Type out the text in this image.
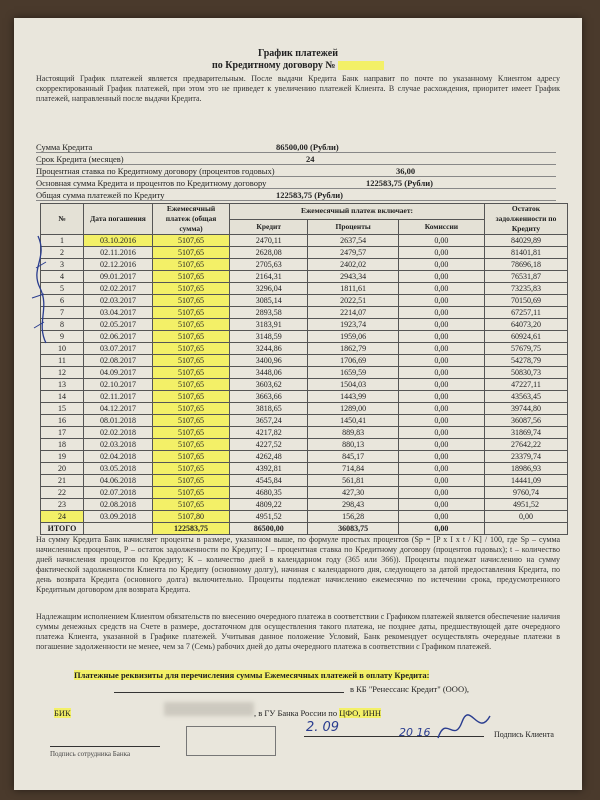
График платежей
по Кредитному договору №
Настоящий График платежей является предварительным. После выдачи Кредита Банк направит по почте по указанному Клиентом адресу скорректированный График платежей, при этом это не приведет к увеличению платежей Клиента. В случае расхождения, приоритет имеет График платежей, направленный после выдачи Кредита.
Сумма Кредита	86500,00 (Рубли)
Срок Кредита (месяцев)	24
Процентная ставка по Кредитному договору (процентов годовых)	36,00
Основная сумма Кредита и процентов по Кредитному договору	122583,75 (Рубли)
Общая сумма платежей по Кредиту	122583,75 (Рубли)
№	Дата погашения	Ежемесячный платеж (общая сумма)	Ежемесячный платеж включает:			Остаток задолженности по Кредиту
			Кредит	Проценты	Комиссии	
1	03.10.2016	5107,65	2470,11	2637,54	0,00	84029,89
2	02.11.2016	5107,65	2628,08	2479,57	0,00	81401,81
3	02.12.2016	5107,65	2705,63	2402,02	0,00	78696,18
4	09.01.2017	5107,65	2164,31	2943,34	0,00	76531,87
5	02.02.2017	5107,65	3296,04	1811,61	0,00	73235,83
6	02.03.2017	5107,65	3085,14	2022,51	0,00	70150,69
7	03.04.2017	5107,65	2893,58	2214,07	0,00	67257,11
8	02.05.2017	5107,65	3183,91	1923,74	0,00	64073,20
9	02.06.2017	5107,65	3148,59	1959,06	0,00	60924,61
10	03.07.2017	5107,65	3244,86	1862,79	0,00	57679,75
11	02.08.2017	5107,65	3400,96	1706,69	0,00	54278,79
12	04.09.2017	5107,65	3448,06	1659,59	0,00	50830,73
13	02.10.2017	5107,65	3603,62	1504,03	0,00	47227,11
14	02.11.2017	5107,65	3663,66	1443,99	0,00	43563,45
15	04.12.2017	5107,65	3818,65	1289,00	0,00	39744,80
16	08.01.2018	5107,65	3657,24	1450,41	0,00	36087,56
17	02.02.2018	5107,65	4217,82	889,83	0,00	31869,74
18	02.03.2018	5107,65	4227,52	880,13	0,00	27642,22
19	02.04.2018	5107,65	4262,48	845,17	0,00	23379,74
20	03.05.2018	5107,65	4392,81	714,84	0,00	18986,93
21	04.06.2018	5107,65	4545,84	561,81	0,00	14441,09
22	02.07.2018	5107,65	4680,35	427,30	0,00	9760,74
23	02.08.2018	5107,65	4809,22	298,43	0,00	4951,52
24	03.09.2018	5107,80	4951,52	156,28	0,00	0,00
ИТОГО		122583,75	86500,00	36083,75	0,00	
На сумму Кредита Банк начисляет проценты в размере, указанном выше, по формуле простых процентов (Sp = [P x I x t / K] / 100, где Sp – сумма начисленных процентов, P – остаток задолженности по Кредиту; I – процентная ставка по Кредитному договору (процентов годовых); t – количество дней начисления процентов по Кредиту; K – количество дней в календарном году (365 или 366)). Проценты подлежат начислению на сумму фактической задолженности Клиента по Кредиту (основному долгу), начиная с календарного дня, следующего за датой предоставления Кредита, по день возврата Кредита (основного долга) включительно. Проценты подлежат начислению ежемесячно по истечении срока, предусмотренного Кредитным договором для возврата Кредита.
Надлежащим исполнением Клиентом обязательств по внесению очередного платежа в соответствии с Графиком платежей является обеспечение наличия суммы денежных средств на Счете в размере, достаточном для осуществления такого платежа, не позднее даты, предшествующей дате очередного платежа Клиента, указанной в Графике платежей. Учитывая данное положение Условий, Банк рекомендует осуществлять очередные платежи в погашение задолженности не менее, чем за 7 (Семь) рабочих дней до даты очередного платежа в соответствии с Графиком платежей.
Платежные реквизиты для перечисления суммы Ежемесячных платежей в оплату Кредита:
в КБ "Ренессанс Кредит" (ООО),
БИК	, в ГУ Банка России по ЦФО, ИНН
2. 09	20 16	Подпись Клиента
Подпись сотрудника Банка
